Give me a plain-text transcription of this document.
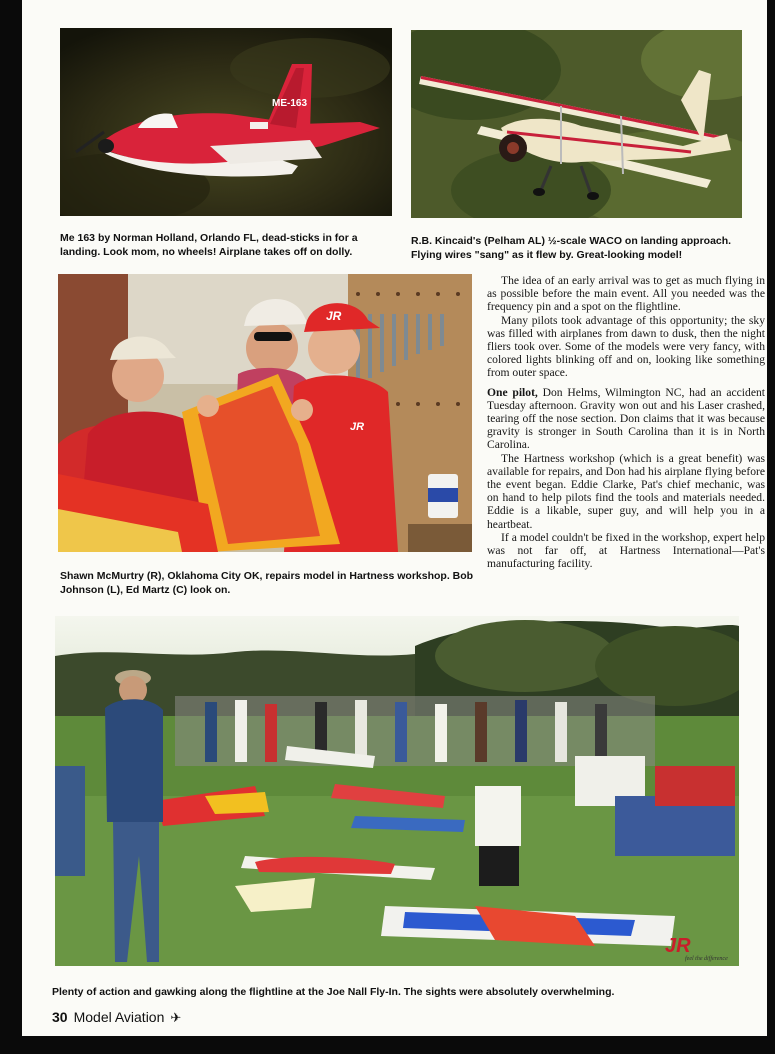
ME-163
Me 163 by Norman Holland, Orlando FL, dead-sticks in for a landing. Look mom, no wheels! Airplane takes off on dolly.
R.B. Kincaid's (Pelham AL) ½-scale WACO on landing approach. Flying wires "sang" as it flew by. Great-looking model!
JR
JR
Shawn McMurtry (R), Oklahoma City OK, repairs model in Hartness workshop. Bob Johnson (L), Ed Martz (C) look on.

The idea of an early arrival was to get as much flying in as possible before the main event. All you needed was the frequency pin and a spot on the flightline.

Many pilots took advantage of this opportunity; the sky was filled with airplanes from dawn to dusk, then the night fliers took over. Some of the models were very fancy, with colored lights blinking off and on, looking like something from outer space.

One pilot, Don Helms, Wilmington NC, had an accident Tuesday afternoon. Gravity won out and his Laser crashed, tearing off the nose section. Don claims that it was because gravity is stronger in South Carolina than it is in North Carolina.

The Hartness workshop (which is a great benefit) was available for repairs, and Don had his airplane flying before the event began. Eddie Clarke, Pat's chief mechanic, was on hand to help pilots find the tools and materials needed. Eddie is a likable, super guy, and will help you in a heartbeat.

If a model couldn't be fixed in the workshop, expert help was not far off, at Hartness International—Pat's manufacturing facility.

JR
feel the difference
Plenty of action and gawking along the flightline at the Joe Nall Fly-In. The sights were absolutely overwhelming.
30 Model Aviation ✈
